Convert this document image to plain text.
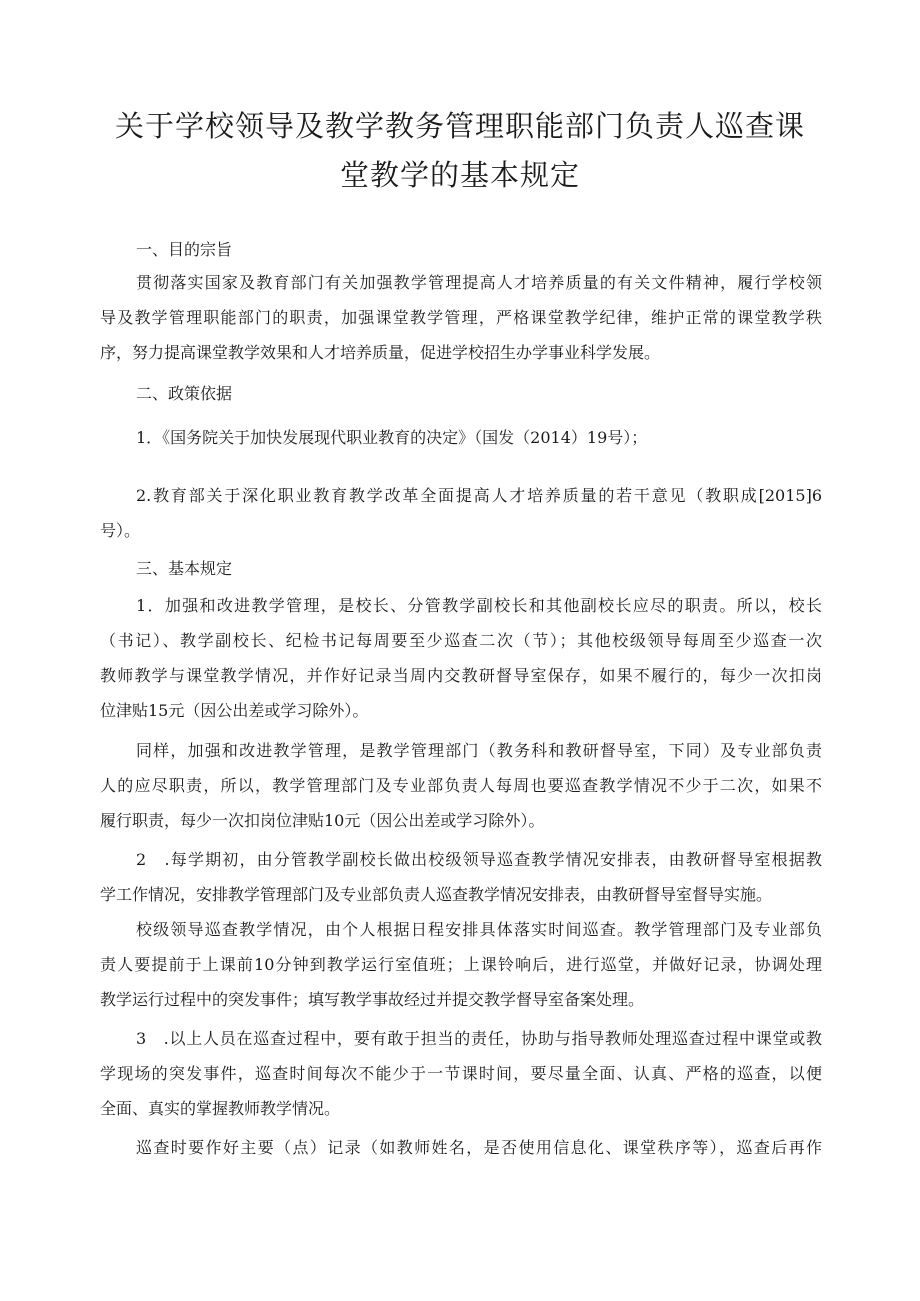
关于学校领导及教学教务管理职能部门负责人巡查课
堂教学的基本规定

一、目的宗旨

贯彻落实国家及教育部门有关加强教学管理提高人才培养质量的有关文件精神，履行学校领
导及教学管理职能部门的职责，加强课堂教学管理，严格课堂教学纪律，维护正常的课堂教学秩
序，努力提高课堂教学效果和人才培养质量，促进学校招生办学事业科学发展。

二、政策依据

1．《国务院关于加快发展现代职业教育的决定》（国发（2014）19号）；

2.教育部关于深化职业教育教学改革全面提高人才培养质量的若干意见（教职成[2015]6
号）。

三、基本规定

1．加强和改进教学管理，是校长、分管教学副校长和其他副校长应尽的职责。所以，校长
（书记）、教学副校长、纪检书记每周要至少巡查二次（节）；其他校级领导每周至少巡查一次
教师教学与课堂教学情况，并作好记录当周内交教研督导室保存，如果不履行的，每少一次扣岗
位津贴15元（因公出差或学习除外）。
同样，加强和改进教学管理，是教学管理部门（教务科和教研督导室，下同）及专业部负责
人的应尽职责，所以，教学管理部门及专业部负责人每周也要巡查教学情况不少于二次，如果不
履行职责，每少一次扣岗位津贴10元（因公出差或学习除外）。
2　.每学期初，由分管教学副校长做出校级领导巡查教学情况安排表，由教研督导室根据教
学工作情况，安排教学管理部门及专业部负责人巡查教学情况安排表，由教研督导室督导实施。
校级领导巡查教学情况，由个人根据日程安排具体落实时间巡查。教学管理部门及专业部负
责人要提前于上课前10分钟到教学运行室值班；上课铃响后，进行巡堂，并做好记录，协调处理
教学运行过程中的突发事件；填写教学事故经过并提交教学督导室备案处理。
3　.以上人员在巡查过程中，要有敢于担当的责任，协助与指导教师处理巡查过程中课堂或教
学现场的突发事件，巡查时间每次不能少于一节课时间，要尽量全面、认真、严格的巡查，以便
全面、真实的掌握教师教学情况。
巡查时要作好主要（点）记录（如教师姓名，是否使用信息化、课堂秩序等），巡查后再作
